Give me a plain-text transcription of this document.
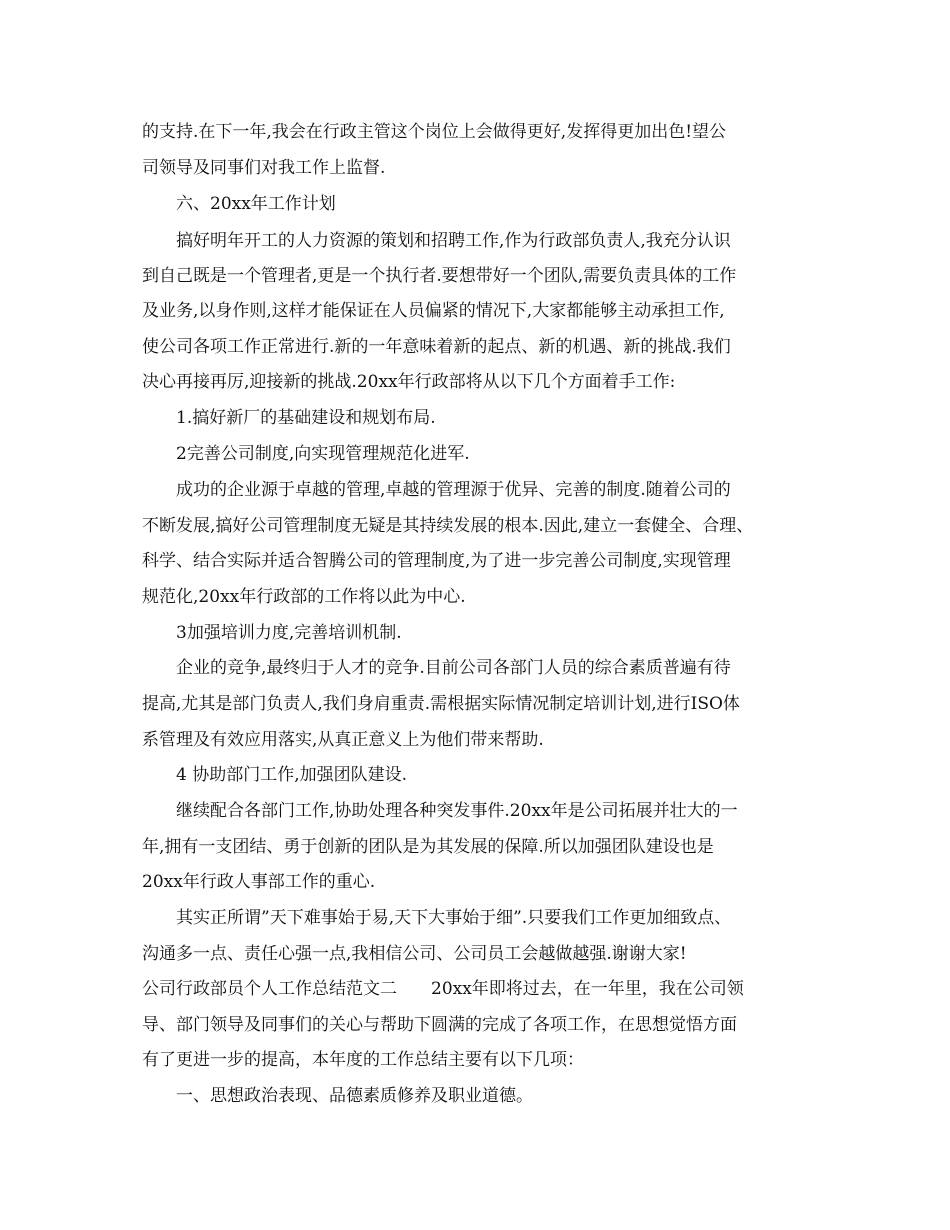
的支持.在下一年,我会在行政主管这个岗位上会做得更好,发挥得更加出色!望公
司领导及同事们对我工作上监督.
六、20xx年工作计划
搞好明年开工的人力资源的策划和招聘工作,作为行政部负责人,我充分认识
到自己既是一个管理者,更是一个执行者.要想带好一个团队,需要负责具体的工作
及业务,以身作则,这样才能保证在人员偏紧的情况下,大家都能够主动承担工作,
使公司各项工作正常进行.新的一年意味着新的起点、新的机遇、新的挑战.我们
决心再接再厉,迎接新的挑战.20xx年行政部将从以下几个方面着手工作:
1.搞好新厂的基础建设和规划布局.
2完善公司制度,向实现管理规范化进军.
成功的企业源于卓越的管理,卓越的管理源于优异、完善的制度.随着公司的
不断发展,搞好公司管理制度无疑是其持续发展的根本.因此,建立一套健全、合理、
科学、结合实际并适合智腾公司的管理制度,为了进一步完善公司制度,实现管理
规范化,20xx年行政部的工作将以此为中心.
3加强培训力度,完善培训机制.
企业的竞争,最终归于人才的竞争.目前公司各部门人员的综合素质普遍有待
提高,尤其是部门负责人,我们身肩重责.需根据实际情况制定培训计划,进行ISO体
系管理及有效应用落实,从真正意义上为他们带来帮助.
4 协助部门工作,加强团队建设.
继续配合各部门工作,协助处理各种突发事件.20xx年是公司拓展并壮大的一
年,拥有一支团结、勇于创新的团队是为其发展的保障.所以加强团队建设也是
20xx年行政人事部工作的重心.
其实正所谓”天下难事始于易,天下大事始于细”.只要我们工作更加细致点、
沟通多一点、责任心强一点,我相信公司、公司员工会越做越强.谢谢大家!
公司行政部员个人工作总结范文二　　20xx年即将过去，在一年里，我在公司领
导、部门领导及同事们的关心与帮助下圆满的完成了各项工作，在思想觉悟方面
有了更进一步的提高，本年度的工作总结主要有以下几项：
一、思想政治表现、品德素质修养及职业道德。
